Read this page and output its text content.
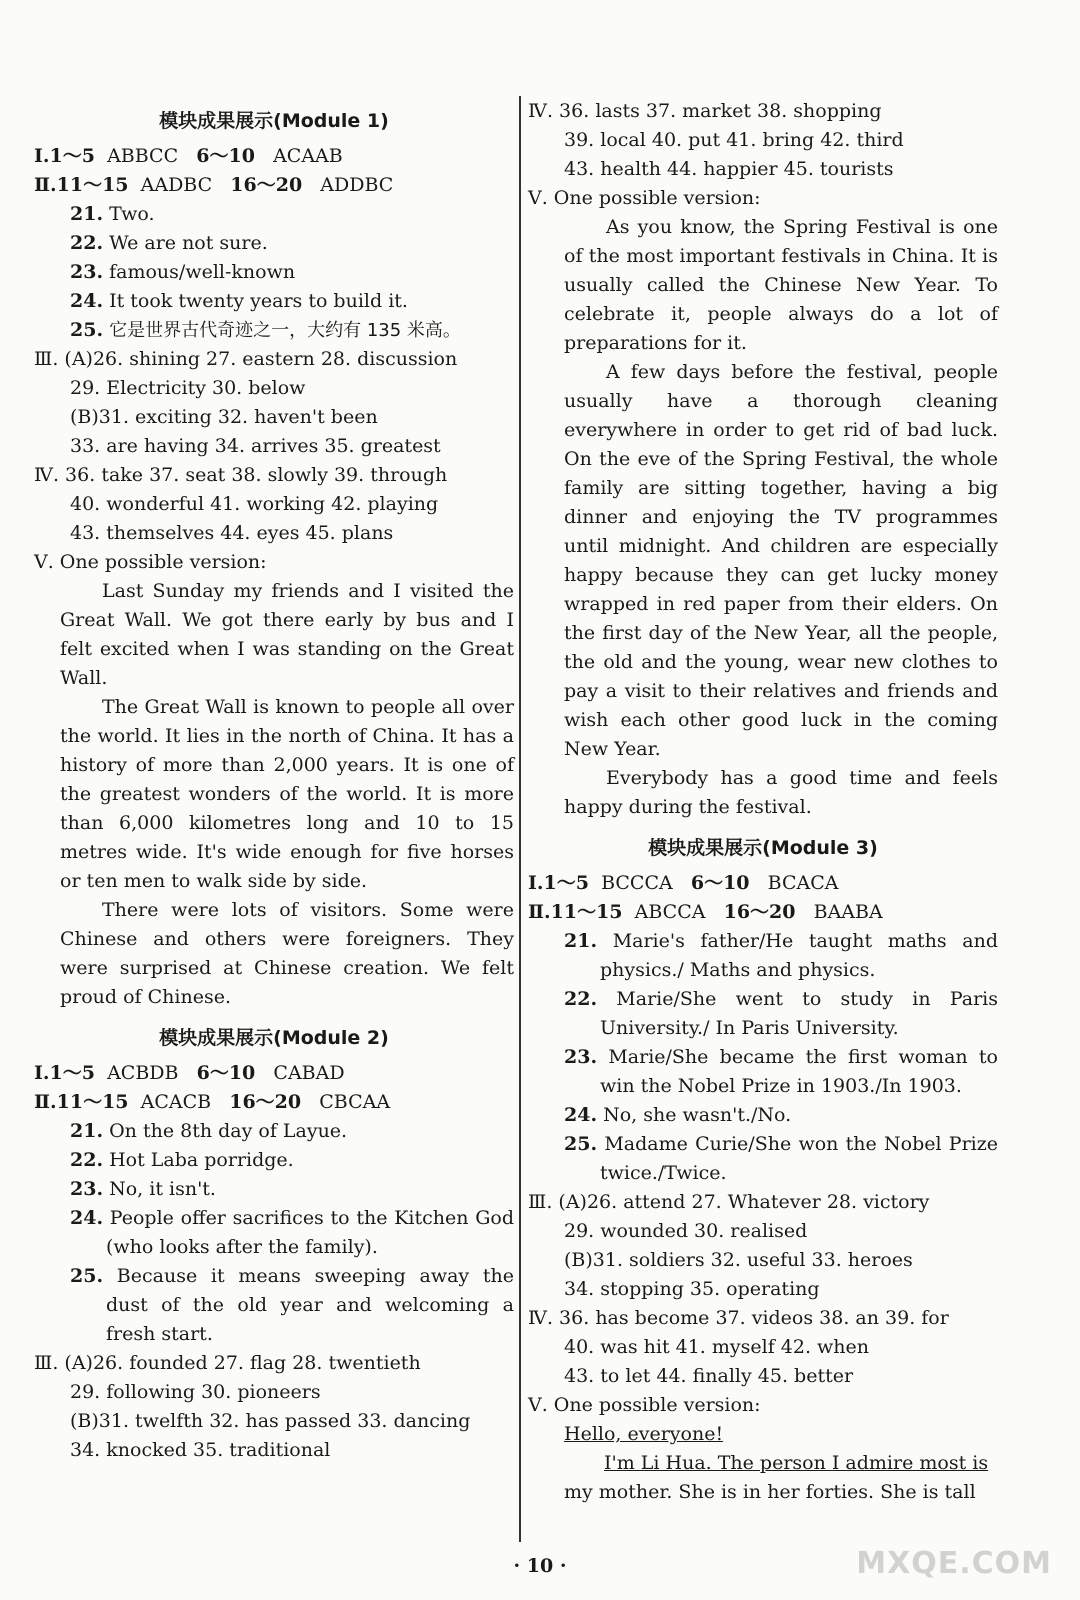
模块成果展示(Module 1)
Ⅰ.1～5 ABBCC 6～10 ACAAB
Ⅱ.11～15 AADBC 16～20 ADDBC
21. Two.
22. We are not sure.
23. famous/well-known
24. It took twenty years to build it.
25. 它是世界古代奇迹之一，大约有 135 米高。
Ⅲ. (A)26. shining 27. eastern 28. discussion
29. Electricity 30. below
(B)31. exciting 32. haven't been
33. are having 34. arrives 35. greatest
Ⅳ. 36. take 37. seat 38. slowly 39. through
40. wonderful 41. working 42. playing
43. themselves 44. eyes 45. plans
Ⅴ. One possible version:
Last Sunday my friends and I visited the Great Wall. We got there early by bus and I felt excited when I was standing on the Great Wall.
The Great Wall is known to people all over the world. It lies in the north of China. It has a history of more than 2,000 years. It is one of the greatest wonders of the world. It is more than 6,000 kilometres long and 10 to 15 metres wide. It's wide enough for five horses or ten men to walk side by side.
There were lots of visitors. Some were Chinese and others were foreigners. They were surprised at Chinese creation. We felt proud of Chinese.
模块成果展示(Module 2)
Ⅰ.1～5 ACBDB 6～10 CABAD
Ⅱ.11～15 ACACB 16～20 CBCAA
21. On the 8th day of Layue.
22. Hot Laba porridge.
23. No, it isn't.
24. People offer sacrifices to the Kitchen God (who looks after the family).
25. Because it means sweeping away the dust of the old year and welcoming a fresh start.
Ⅲ. (A)26. founded 27. flag 28. twentieth
29. following 30. pioneers
(B)31. twelfth 32. has passed 33. dancing
34. knocked 35. traditional
Ⅳ. 36. lasts 37. market 38. shopping
39. local 40. put 41. bring 42. third
43. health 44. happier 45. tourists
Ⅴ. One possible version:
As you know, the Spring Festival is one of the most important festivals in China. It is usually called the Chinese New Year. To celebrate it, people always do a lot of preparations for it.
A few days before the festival, people usually have a thorough cleaning everywhere in order to get rid of bad luck. On the eve of the Spring Festival, the whole family are sitting together, having a big dinner and enjoying the TV programmes until midnight. And children are especially happy because they can get lucky money wrapped in red paper from their elders. On the first day of the New Year, all the people, the old and the young, wear new clothes to pay a visit to their relatives and friends and wish each other good luck in the coming New Year.
Everybody has a good time and feels happy during the festival.
模块成果展示(Module 3)
Ⅰ.1～5 BCCCA 6～10 BCACA
Ⅱ.11～15 ABCCA 16～20 BAABA
21. Marie's father/He taught maths and physics./ Maths and physics.
22. Marie/She went to study in Paris University./ In Paris University.
23. Marie/She became the first woman to win the Nobel Prize in 1903./In 1903.
24. No, she wasn't./No.
25. Madame Curie/She won the Nobel Prize twice./Twice.
Ⅲ. (A)26. attend 27. Whatever 28. victory
29. wounded 30. realised
(B)31. soldiers 32. useful 33. heroes
34. stopping 35. operating
Ⅳ. 36. has become 37. videos 38. an 39. for
40. was hit 41. myself 42. when
43. to let 44. finally 45. better
Ⅴ. One possible version:
Hello, everyone!
I'm Li Hua. The person I admire most is
my mother. She is in her forties. She is tall
· 10 ·	MXQE.COM
